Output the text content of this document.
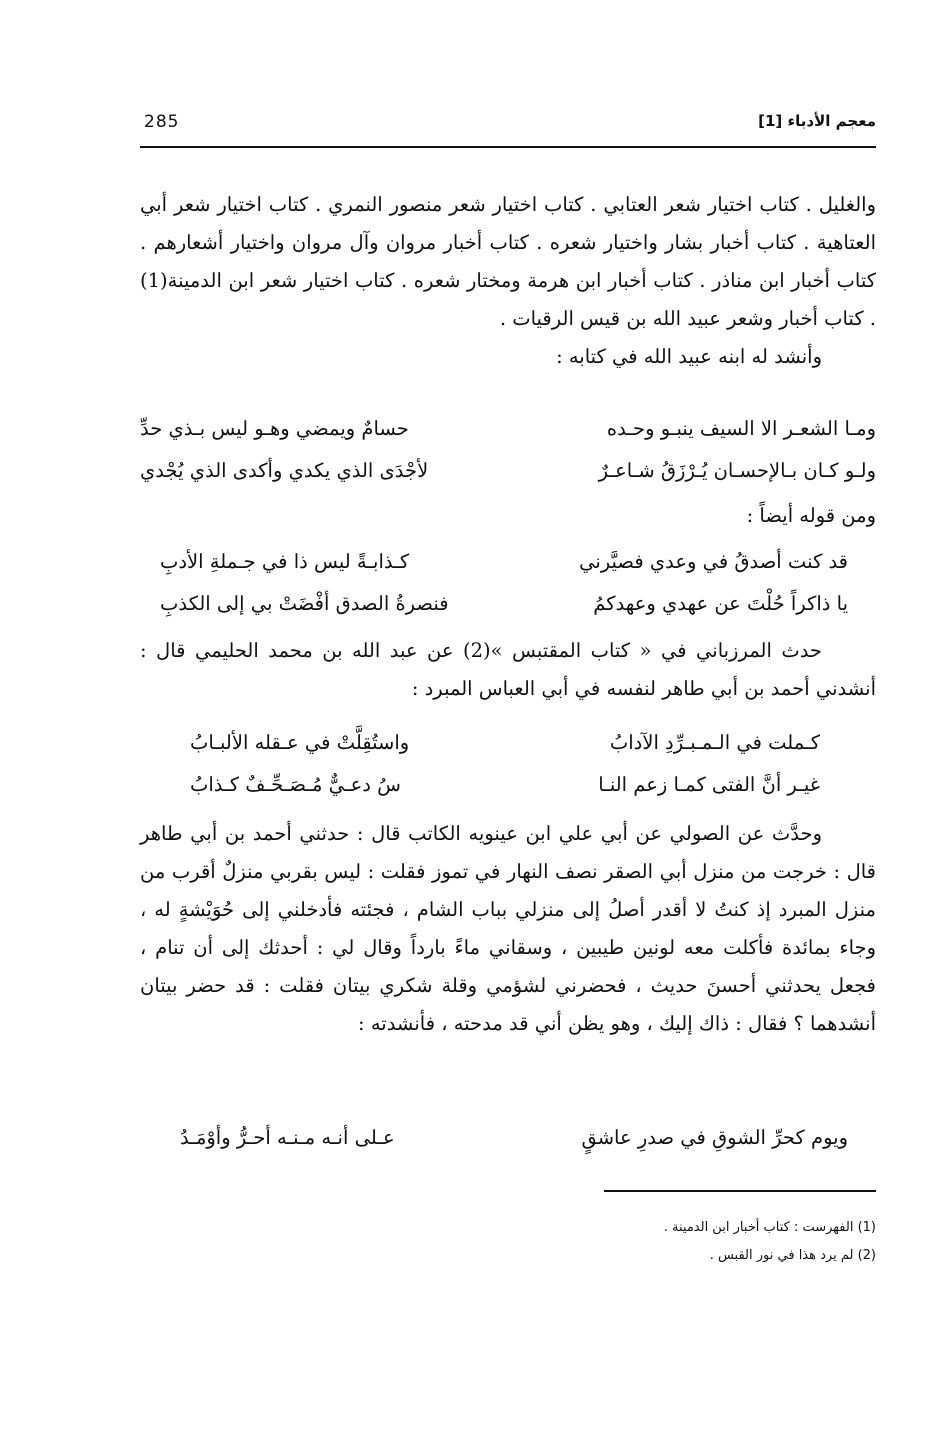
285	معجم الأدباء [1]

والغليل . كتاب اختيار شعر العتابي . كتاب اختيار شعر منصور النمري . كتاب اختيار شعر أبي العتاهية . كتاب أخبار بشار واختيار شعره . كتاب أخبار مروان وآل مروان واختيار أشعارهم . كتاب أخبار ابن مناذر . كتاب أخبار ابن هرمة ومختار شعره . كتاب اختيار شعر ابن الدمينة(1) . كتاب أخبار وشعر عبيد الله بن قيس الرقيات .

وأنشد له ابنه عبيد الله في كتابه :

ومـا الشعـر الا السيف ينبـو وحـده
حسامٌ ويمضي وهـو ليس بـذي حدِّ
ولـو كـان بـالإحسـان يُـرْزَقُ شـاعـرٌ
لأجْدَى الذي يكدي وأكدى الذي يُجْدي

ومن قوله أيضاً :

قد كنت أصدقُ في وعدي فصيَّرني
كـذابـةً ليس ذا في جـملةِ الأدبِ
يا ذاكراً حُلْتَ عن عهدي وعهدكمُ
فنصرةُ الصدق أفْضَتْ بي إلى الكذبِ

حدث المرزباني في « كتاب المقتبس »(2) عن عبد الله بن محمد الحليمي قال : أنشدني أحمد بن أبي طاهر لنفسه في أبي العباس المبرد :

كـملت في الـمـبـرِّدِ الآدابُ
واستُقِلَّتْ في عـقله الألبـابُ
غيـر أنَّ الفتى كمـا زعم النـا
سُ دعـيٌّ مُـصَـحِّـفٌ كـذابُ

وحدَّث عن الصولي عن أبي علي ابن عينويه الكاتب قال : حدثني أحمد بن أبي طاهر قال : خرجت من منزل أبي الصقر نصف النهار في تموز فقلت : ليس بقربي منزلٌ أقرب من منزل المبرد إذ كنتُ لا أقدر أصلُ إلى منزلي بباب الشام ، فجئته فأدخلني إلى حُوَيْشةٍ له ، وجاء بمائدة فأكلت معه لونين طيبين ، وسقاني ماءً بارداً وقال لي : أحدثك إلى أن تنام ، فجعل يحدثني أحسنَ حديث ، فحضرني لشؤمي وقلة شكري بيتان فقلت : قد حضر بيتان أنشدهما ؟ فقال : ذاك إليك ، وهو يظن أني قد مدحته ، فأنشدته :

ويوم كحرِّ الشوقِ في صدرِ عاشقٍ
عـلى أنـه مـنـه أحـرُّ وأوْمَـدُ
(1) الفهرست : كتاب أخبار ابن الدمينة .
(2) لم يرد هذا في نور القبس .
